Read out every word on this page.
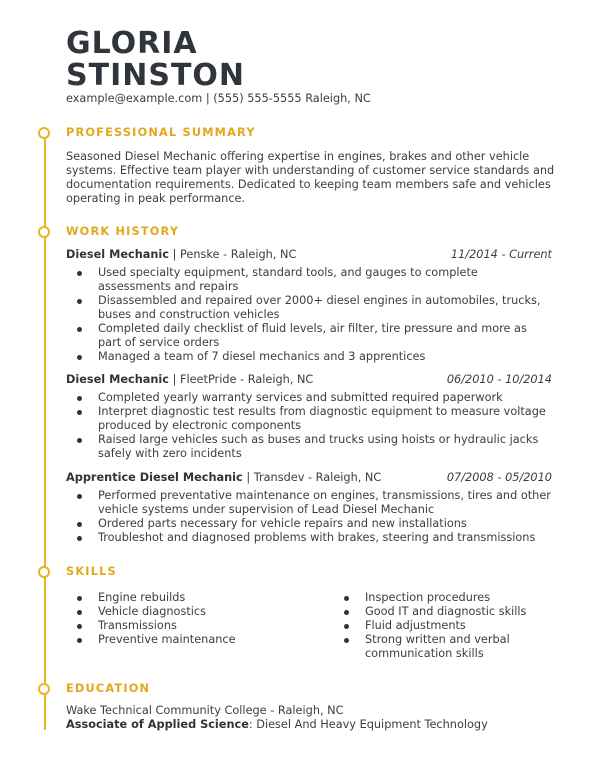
GLORIA
STINSTON
example@example.com | (555) 555-5555 Raleigh, NC
PROFESSIONAL SUMMARY
Seasoned Diesel Mechanic offering expertise in engines, brakes and other vehicle systems. Effective team player with understanding of customer service standards and documentation requirements. Dedicated to keeping team members safe and vehicles operating in peak performance.
WORK HISTORY
Diesel Mechanic | Penske - Raleigh, NC	11/2014 - Current
Used specialty equipment, standard tools, and gauges to complete assessments and repairs
Disassembled and repaired over 2000+ diesel engines in automobiles, trucks, buses and construction vehicles
Completed daily checklist of fluid levels, air filter, tire pressure and more as part of service orders
Managed a team of 7 diesel mechanics and 3 apprentices
Diesel Mechanic | FleetPride - Raleigh, NC	06/2010 - 10/2014
Completed yearly warranty services and submitted required paperwork
Interpret diagnostic test results from diagnostic equipment to measure voltage produced by electronic components
Raised large vehicles such as buses and trucks using hoists or hydraulic jacks safely with zero incidents
Apprentice Diesel Mechanic | Transdev - Raleigh, NC	07/2008 - 05/2010
Performed preventative maintenance on engines, transmissions, tires and other vehicle systems under supervision of Lead Diesel Mechanic
Ordered parts necessary for vehicle repairs and new installations
Troubleshot and diagnosed problems with brakes, steering and transmissions
SKILLS
Engine rebuilds
Vehicle diagnostics
Transmissions
Preventive maintenance
Inspection procedures
Good IT and diagnostic skills
Fluid adjustments
Strong written and verbal communication skills
EDUCATION
Wake Technical Community College - Raleigh, NC
Associate of Applied Science: Diesel And Heavy Equipment Technology
